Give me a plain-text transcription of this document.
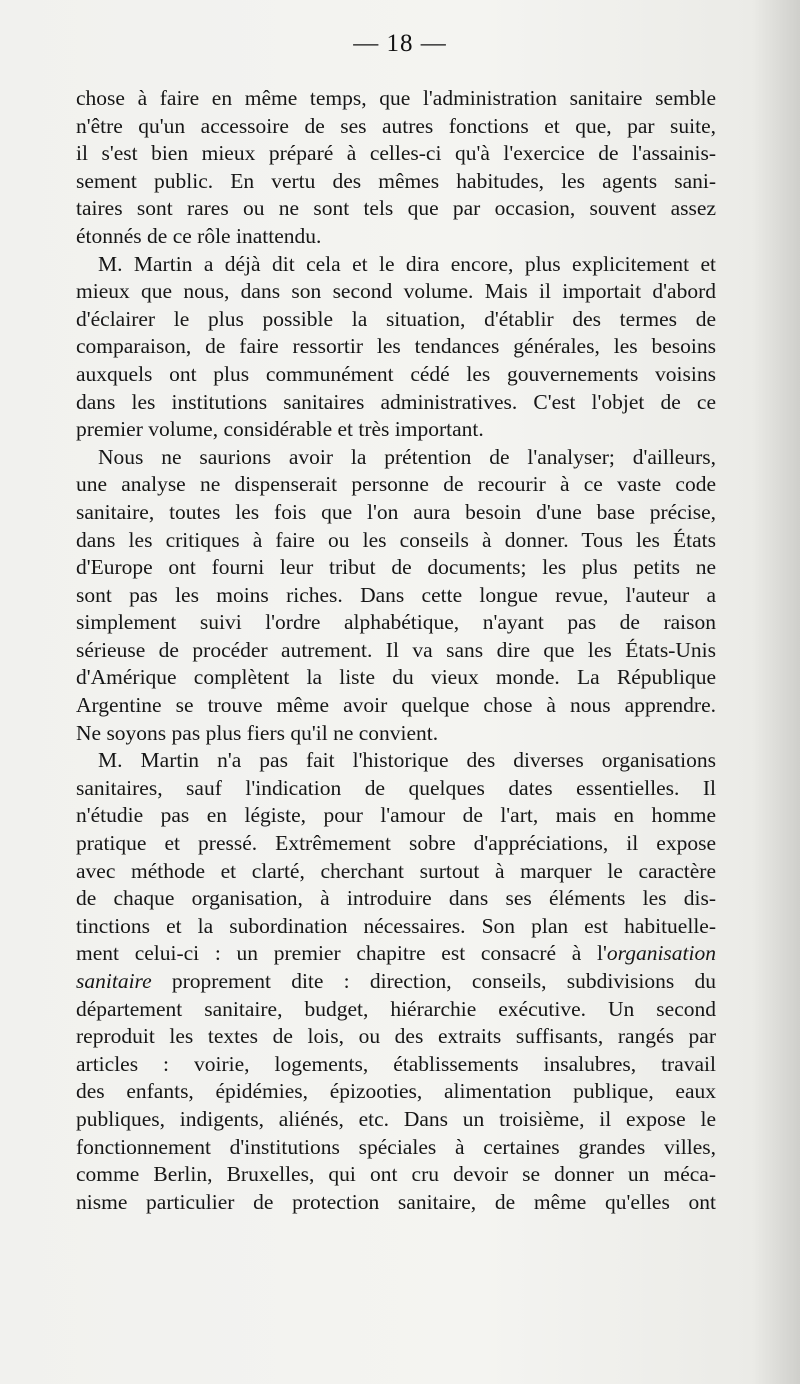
— 18 —
chose à faire en même temps, que l'administration sanitaire semble
n'être qu'un accessoire de ses autres fonctions et que, par suite,
il s'est bien mieux préparé à celles-ci qu'à l'exercice de l'assainis-
sement public. En vertu des mêmes habitudes, les agents sani-
taires sont rares ou ne sont tels que par occasion, souvent assez
étonnés de ce rôle inattendu.
M. Martin a déjà dit cela et le dira encore, plus explicitement et
mieux que nous, dans son second volume. Mais il importait d'abord
d'éclairer le plus possible la situation, d'établir des termes de
comparaison, de faire ressortir les tendances générales, les besoins
auxquels ont plus communément cédé les gouvernements voisins
dans les institutions sanitaires administratives. C'est l'objet de ce
premier volume, considérable et très important.
Nous ne saurions avoir la prétention de l'analyser; d'ailleurs,
une analyse ne dispenserait personne de recourir à ce vaste code
sanitaire, toutes les fois que l'on aura besoin d'une base précise,
dans les critiques à faire ou les conseils à donner. Tous les États
d'Europe ont fourni leur tribut de documents; les plus petits ne
sont pas les moins riches. Dans cette longue revue, l'auteur a
simplement suivi l'ordre alphabétique, n'ayant pas de raison
sérieuse de procéder autrement. Il va sans dire que les États-Unis
d'Amérique complètent la liste du vieux monde. La République
Argentine se trouve même avoir quelque chose à nous apprendre.
Ne soyons pas plus fiers qu'il ne convient.
M. Martin n'a pas fait l'historique des diverses organisations
sanitaires, sauf l'indication de quelques dates essentielles. Il
n'étudie pas en légiste, pour l'amour de l'art, mais en homme
pratique et pressé. Extrêmement sobre d'appréciations, il expose
avec méthode et clarté, cherchant surtout à marquer le caractère
de chaque organisation, à introduire dans ses éléments les dis-
tinctions et la subordination nécessaires. Son plan est habituelle-
ment celui-ci : un premier chapitre est consacré à l'organisation
sanitaire proprement dite : direction, conseils, subdivisions du
département sanitaire, budget, hiérarchie exécutive. Un second
reproduit les textes de lois, ou des extraits suffisants, rangés par
articles : voirie, logements, établissements insalubres, travail
des enfants, épidémies, épizooties, alimentation publique, eaux
publiques, indigents, aliénés, etc. Dans un troisième, il expose le
fonctionnement d'institutions spéciales à certaines grandes villes,
comme Berlin, Bruxelles, qui ont cru devoir se donner un méca-
nisme particulier de protection sanitaire, de même qu'elles ont
